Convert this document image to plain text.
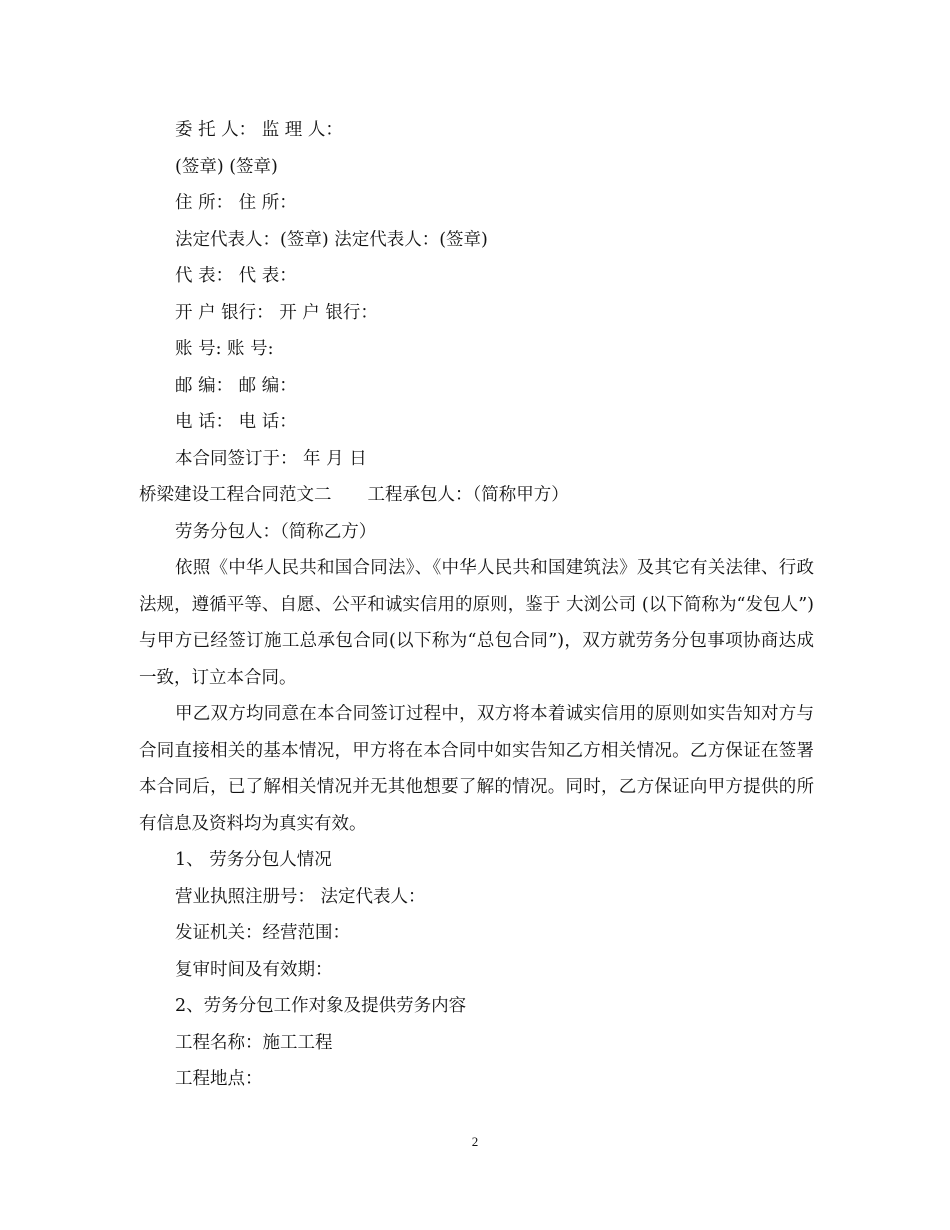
委 托 人： 监 理 人：
(签章) (签章)
住 所： 住 所：
法定代表人：(签章) 法定代表人：(签章)
代 表： 代 表：
开 户 银行： 开 户 银行：
账 号: 账 号:
邮 编： 邮 编：
电 话： 电 话：
本合同签订于： 年 月 日
桥梁建设工程合同范文二 工程承包人：（简称甲方）
劳务分包人：（简称乙方）

依照《中华人民共和国合同法》、《中华人民共和国建筑法》及其它有关法律、行政法规，遵循平等、自愿、公平和诚实信用的原则，鉴于 大浏公司 (以下简称为“发包人”) 与甲方已经签订施工总承包合同(以下称为“总包合同”)，双方就劳务分包事项协商达成一致，订立本合同。

甲乙双方均同意在本合同签订过程中，双方将本着诚实信用的原则如实告知对方与合同直接相关的基本情况，甲方将在本合同中如实告知乙方相关情况。乙方保证在签署本合同后，已了解相关情况并无其他想要了解的情况。同时，乙方保证向甲方提供的所有信息及资料均为真实有效。

1、 劳务分包人情况
营业执照注册号： 法定代表人：
发证机关：经营范围：
复审时间及有效期：
2、劳务分包工作对象及提供劳务内容
工程名称：施工工程
工程地点：
2
